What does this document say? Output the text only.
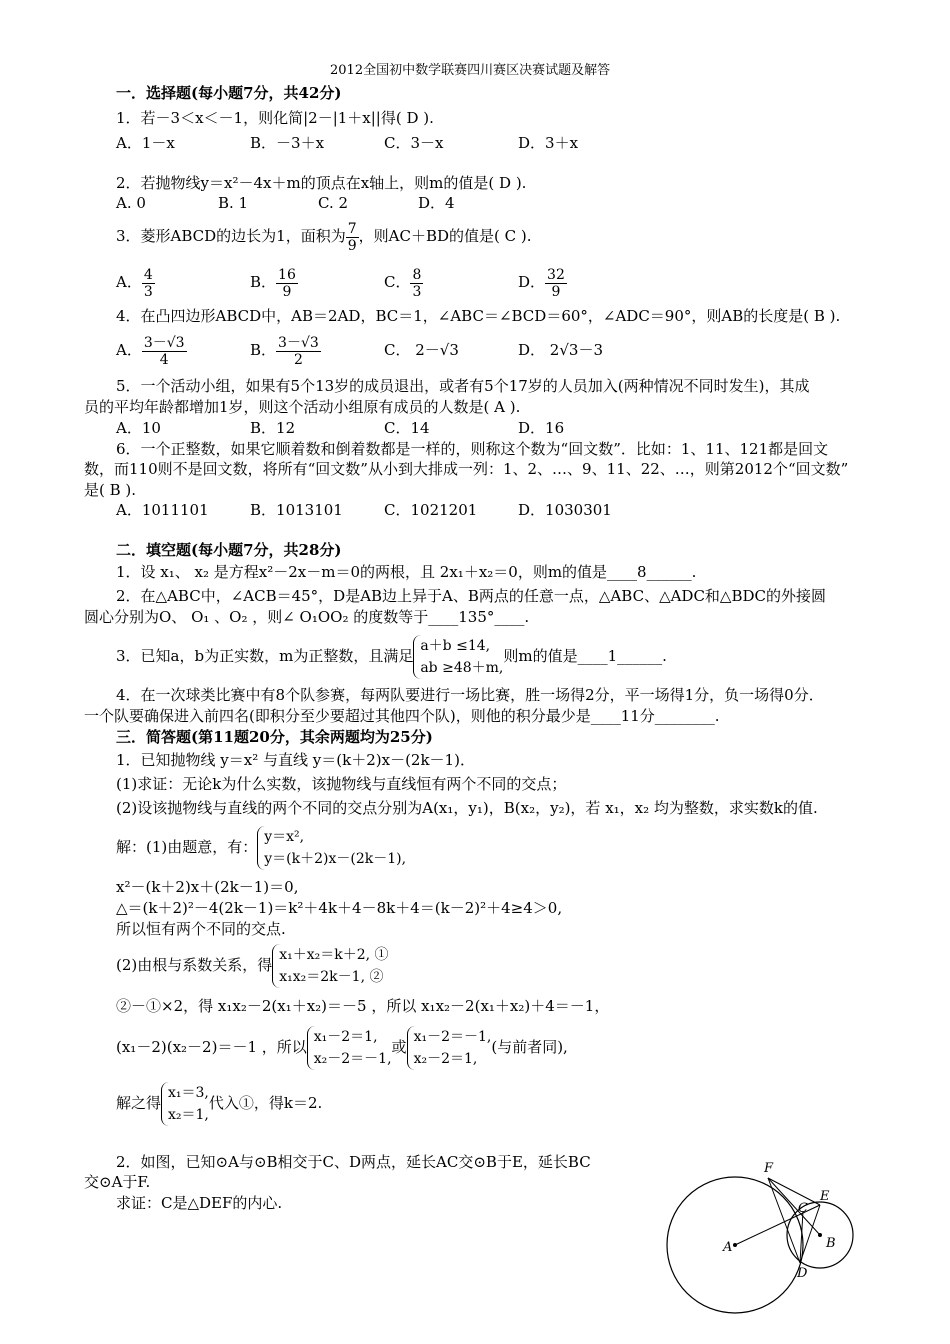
2012全国初中数学联赛四川赛区决赛试题及解答
一．选择题(每小题7分，共42分)
1．若－3＜x＜－1，则化简|2－|1＋x||得( D ).
A．1－x	B．－3＋x	C．3－x	D．3＋x
2．若抛物线y＝x²－4x＋m的顶点在x轴上，则m的值是( D ).
A. 0	B. 1	C. 2	D．4
3．菱形ABCD的边长为1，面积为 $\frac{7}{9}$ ，则AC＋BD的值是( C ).
A． $\frac{4}{3}$	B． $\frac{16}{9}$	C． $\frac{8}{3}$	D． $\frac{32}{9}$
4．在凸四边形ABCD中，AB＝2AD，BC＝1，∠ABC＝∠BCD＝60°，∠ADC＝90°，则AB的长度是( B ).
A． $\frac{3-√3}{4}$	B． $\frac{3-√3}{2}$	C． 2－√3	D． 2√3－3
5．一个活动小组，如果有5个13岁的成员退出，或者有5个17岁的人员加入(两种情况不同时发生)，其成
员的平均年龄都增加1岁，则这个活动小组原有成员的人数是( A ).
A．10	B．12	C．14	D．16
6．一个正整数，如果它顺着数和倒着数都是一样的，则称这个数为“回文数”．比如：1、11、121都是回文
数，而110则不是回文数，将所有“回文数”从小到大排成一列：1、2、…、9、11、22、…，则第2012个“回文数”
是( B ).
A．1011101	B．1013101	C．1021201	D．1030301
二．填空题(每小题7分，共28分)
1．设 x₁、 x₂ 是方程x²－2x－m＝0的两根，且 2x₁＋x₂＝0，则m的值是____8______.
2．在△ABC中，∠ACB＝45°，D是AB边上异于A、B两点的任意一点，△ABC、△ADC和△BDC的外接圆
圆心分别为O、 O₁ 、O₂ ，则∠ O₁OO₂ 的度数等于____135°____.
3．已知a，b为正实数，m为正整数，且满足
a＋b ≤14,
ab ≥48＋m,
则m的值是____1______.
4．在一次球类比赛中有8个队参赛，每两队要进行一场比赛，胜一场得2分，平一场得1分，负一场得0分．
一个队要确保进入前四名(即积分至少要超过其他四个队)，则他的积分最少是____11分________.
三．简答题(第11题20分，其余两题均为25分)
1．已知抛物线 y＝x² 与直线 y＝(k＋2)x－(2k－1)．
(1)求证：无论k为什么实数，该抛物线与直线恒有两个不同的交点；
(2)设该抛物线与直线的两个不同的交点分别为A(x₁，y₁)，B(x₂，y₂)，若 x₁，x₂ 均为整数，求实数k的值.
解：(1)由题意，有：
y＝x²,
y＝(k＋2)x－(2k－1),
x²－(k＋2)x＋(2k－1)＝0,
△＝(k＋2)²－4(2k－1)＝k²＋4k＋4－8k＋4＝(k－2)²＋4≥4＞0,
所以恒有两个不同的交点.
(2)由根与系数关系，得
x₁＋x₂＝k＋2, ①
x₁x₂＝2k－1, ②
②－①×2，得 x₁x₂－2(x₁＋x₂)＝－5 ，所以 x₁x₂－2(x₁＋x₂)＋4＝－1，
(x₁－2)(x₂－2)＝－1 ，所以
x₁－2＝1,
x₂－2＝－1,
或
x₁－2＝－1,
x₂－2＝1,
(与前者同),
解之得
x₁＝3,
x₂＝1,
代入①，得k＝2.
2．如图，已知⊙A与⊙B相交于C、D两点，延长AC交⊙B于E，延长BC
交⊙A于F.
求证：C是△DEF的内心.
F
E
C
A	B
D
